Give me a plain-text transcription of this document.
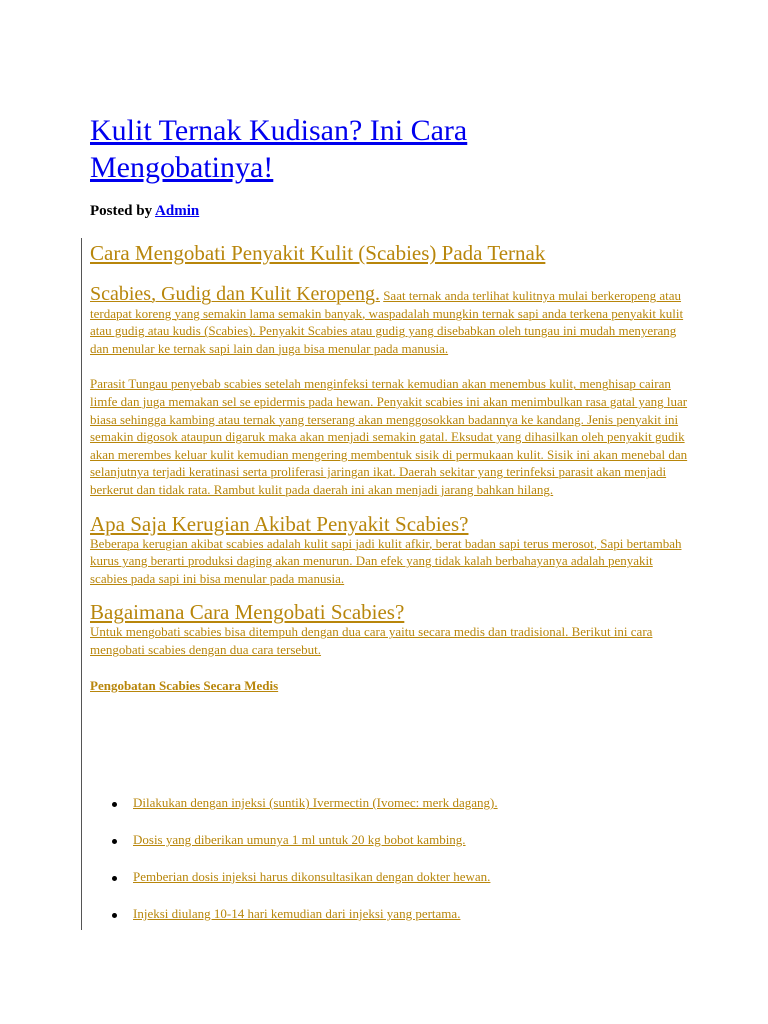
Kulit Ternak Kudisan? Ini Cara Mengobatinya!
Posted by Admin
Cara Mengobati Penyakit Kulit (Scabies) Pada Ternak

Scabies, Gudig dan Kulit Keropeng. Saat ternak anda terlihat kulitnya mulai berkeropeng atau terdapat koreng yang semakin lama semakin banyak, waspadalah mungkin ternak sapi anda terkena penyakit kulit atau gudig atau kudis (Scabies). Penyakit Scabies atau gudig yang disebabkan oleh tungau ini mudah menyerang dan menular ke ternak sapi lain dan juga bisa menular pada manusia.

Parasit Tungau penyebab scabies setelah menginfeksi ternak kemudian akan menembus kulit, menghisap cairan limfe dan juga memakan sel se epidermis pada hewan. Penyakit scabies ini akan menimbulkan rasa gatal yang luar biasa sehingga kambing atau ternak yang terserang akan menggosokkan badannya ke kandang. Jenis penyakit ini semakin digosok ataupun digaruk maka akan menjadi semakin gatal. Eksudat yang dihasilkan oleh penyakit gudik akan merembes keluar kulit kemudian mengering membentuk sisik di permukaan kulit. Sisik ini akan menebal dan selanjutnya terjadi keratinasi serta proliferasi jaringan ikat. Daerah sekitar yang terinfeksi parasit akan menjadi berkerut dan tidak rata. Rambut kulit pada daerah ini akan menjadi jarang bahkan hilang.

Apa Saja Kerugian Akibat Penyakit Scabies?

Beberapa kerugian akibat scabies adalah kulit sapi jadi kulit afkir, berat badan sapi terus merosot, Sapi bertambah kurus yang berarti produksi daging akan menurun. Dan efek yang tidak kalah berbahayanya adalah penyakit scabies pada sapi ini bisa menular pada manusia.

Bagaimana Cara Mengobati Scabies?

Untuk mengobati scabies bisa ditempuh dengan dua cara yaitu secara medis dan tradisional. Berikut ini cara mengobati scabies dengan dua cara tersebut.

Pengobatan Scabies Secara Medis

Dilakukan dengan injeksi (suntik) Ivermectin (Ivomec: merk dagang).
Dosis yang diberikan umunya 1 ml untuk 20 kg bobot kambing.
Pemberian dosis injeksi harus dikonsultasikan dengan dokter hewan.
Injeksi diulang 10-14 hari kemudian dari injeksi yang pertama.
